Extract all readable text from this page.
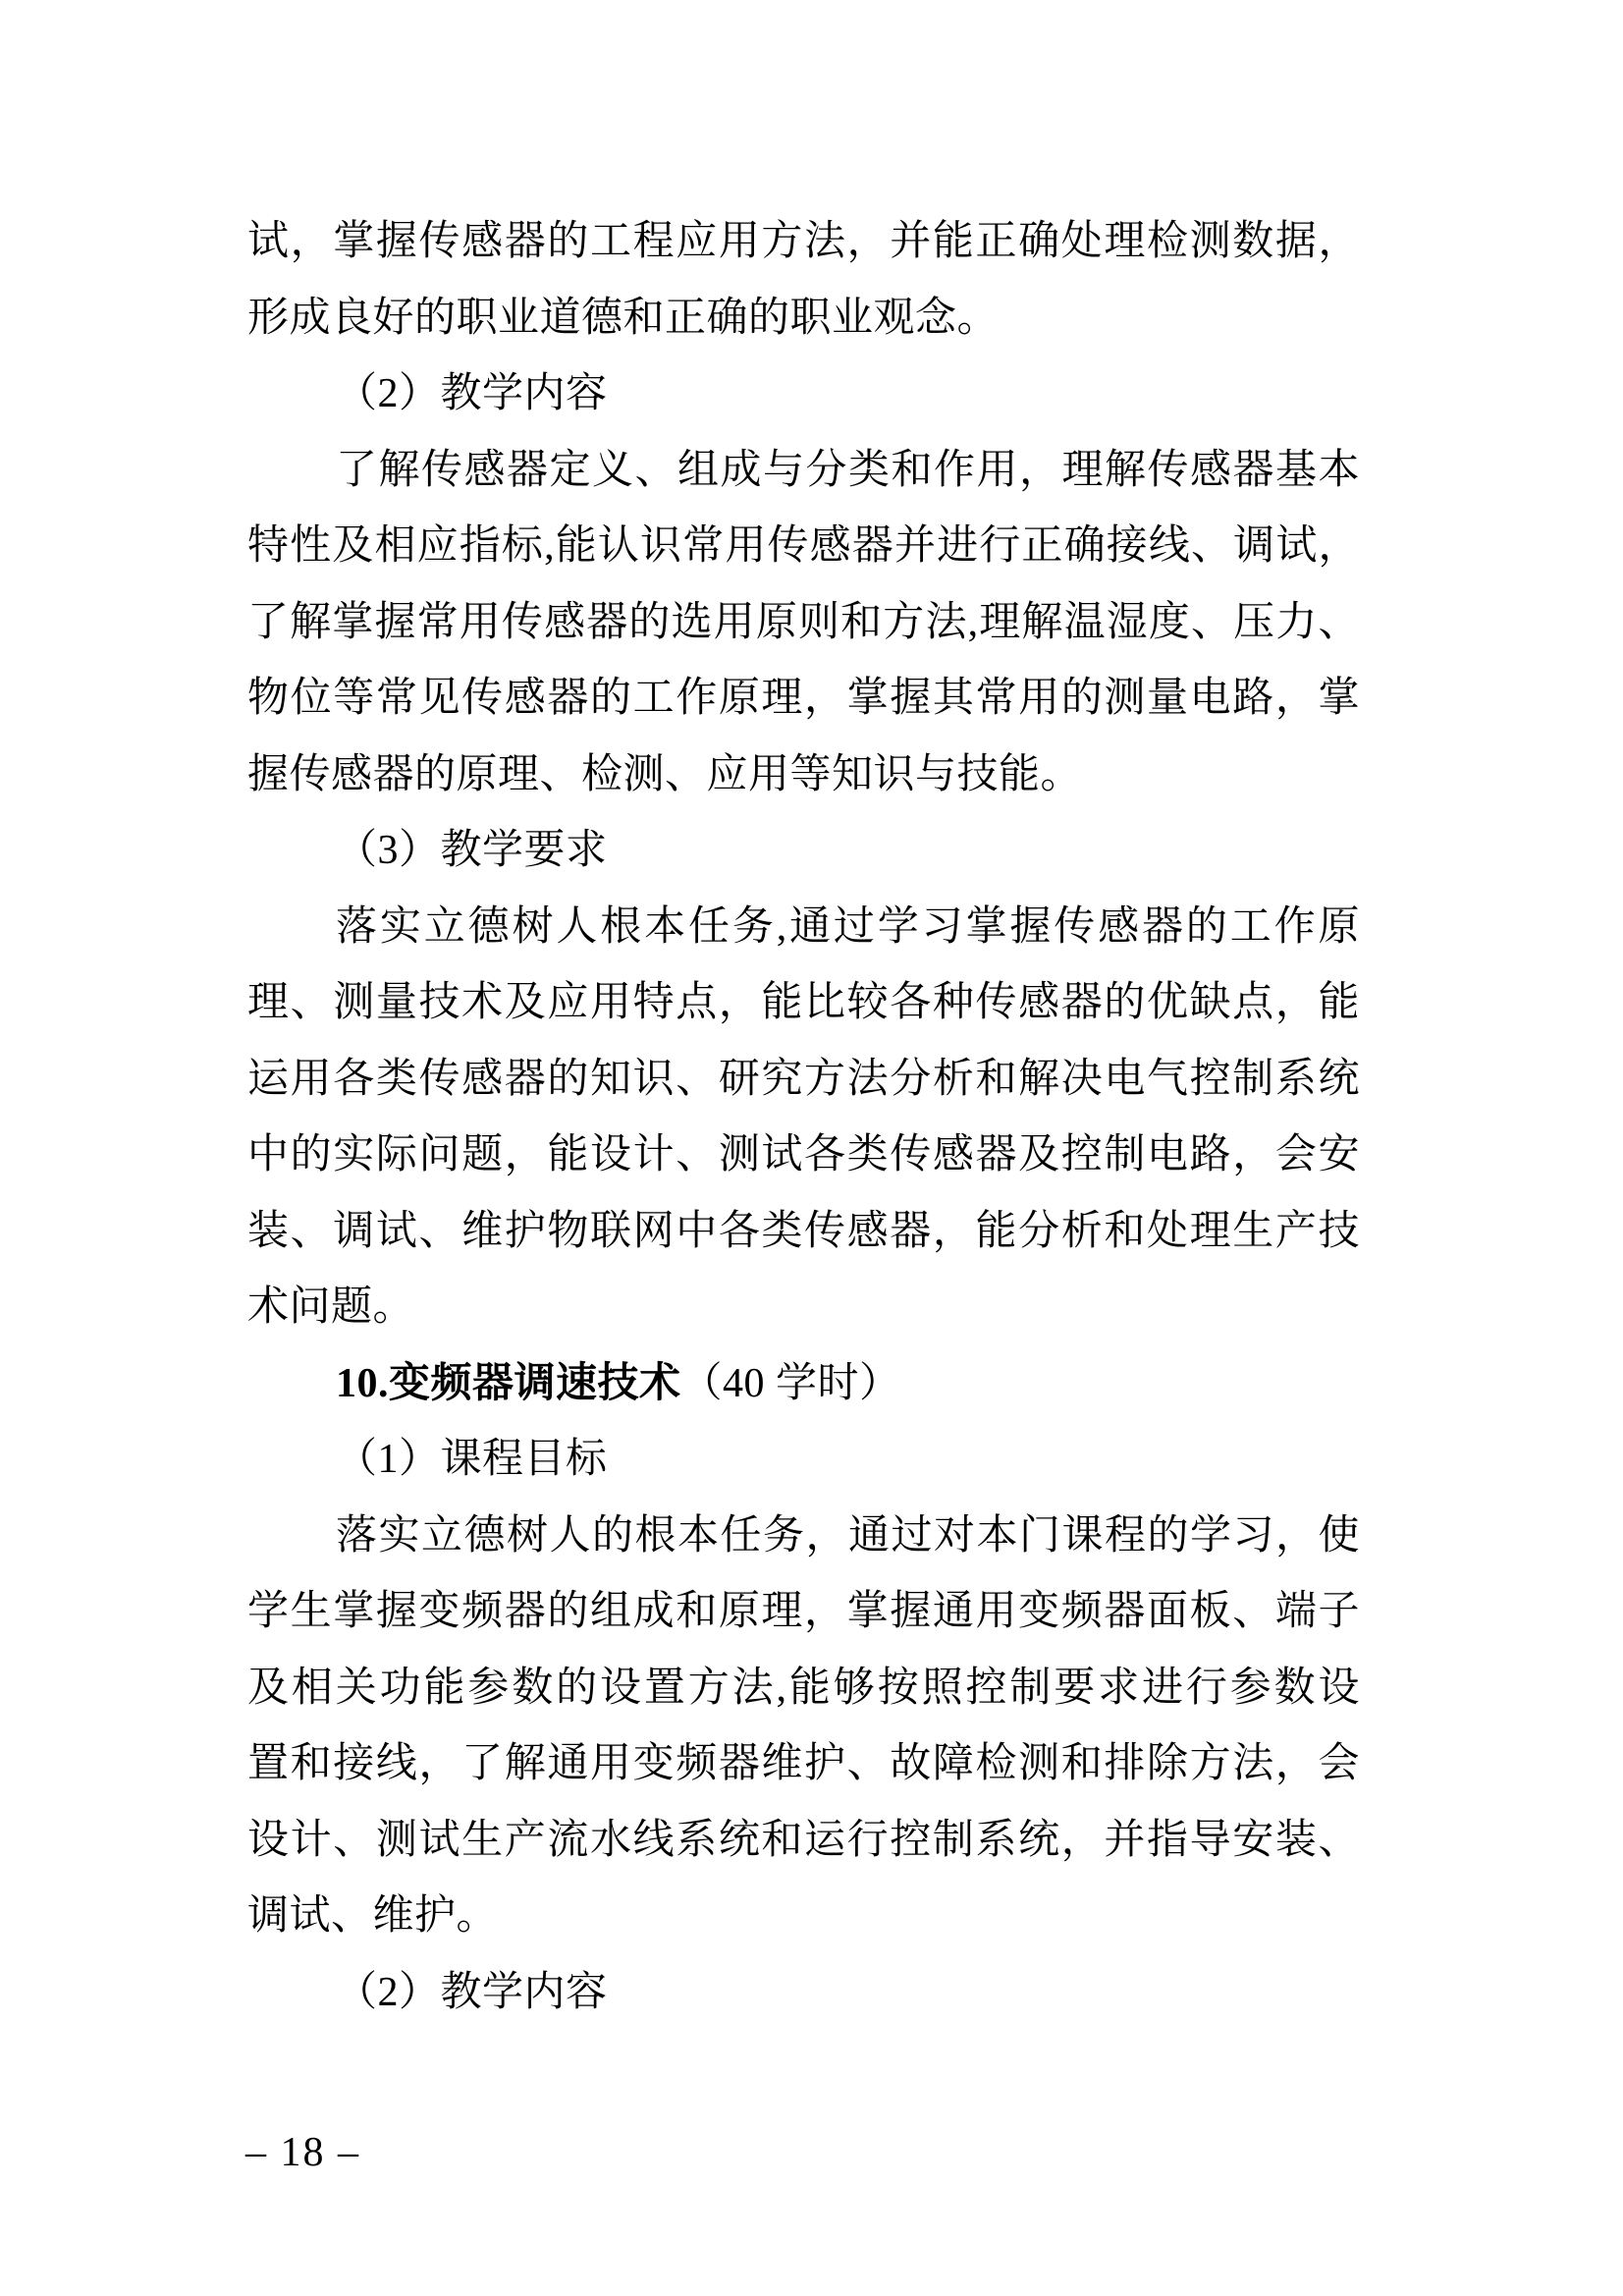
试，掌握传感器的工程应用方法，并能正确处理检测数据，
形成良好的职业道德和正确的职业观念。
（2）教学内容
了解传感器定义、组成与分类和作用，理解传感器基本
特性及相应指标,能认识常用传感器并进行正确接线、调试，
了解掌握常用传感器的选用原则和方法,理解温湿度、压力、
物位等常见传感器的工作原理，掌握其常用的测量电路，掌
握传感器的原理、检测、应用等知识与技能。
（3）教学要求
落实立德树人根本任务,通过学习掌握传感器的工作原
理、测量技术及应用特点，能比较各种传感器的优缺点，能
运用各类传感器的知识、研究方法分析和解决电气控制系统
中的实际问题，能设计、测试各类传感器及控制电路，会安
装、调试、维护物联网中各类传感器，能分析和处理生产技
术问题。
10.变频器调速技术（40 学时）
（1）课程目标
落实立德树人的根本任务，通过对本门课程的学习，使
学生掌握变频器的组成和原理，掌握通用变频器面板、端子
及相关功能参数的设置方法,能够按照控制要求进行参数设
置和接线，了解通用变频器维护、故障检测和排除方法，会
设计、测试生产流水线系统和运行控制系统，并指导安装、
调试、维护。
（2）教学内容
– 18 –
